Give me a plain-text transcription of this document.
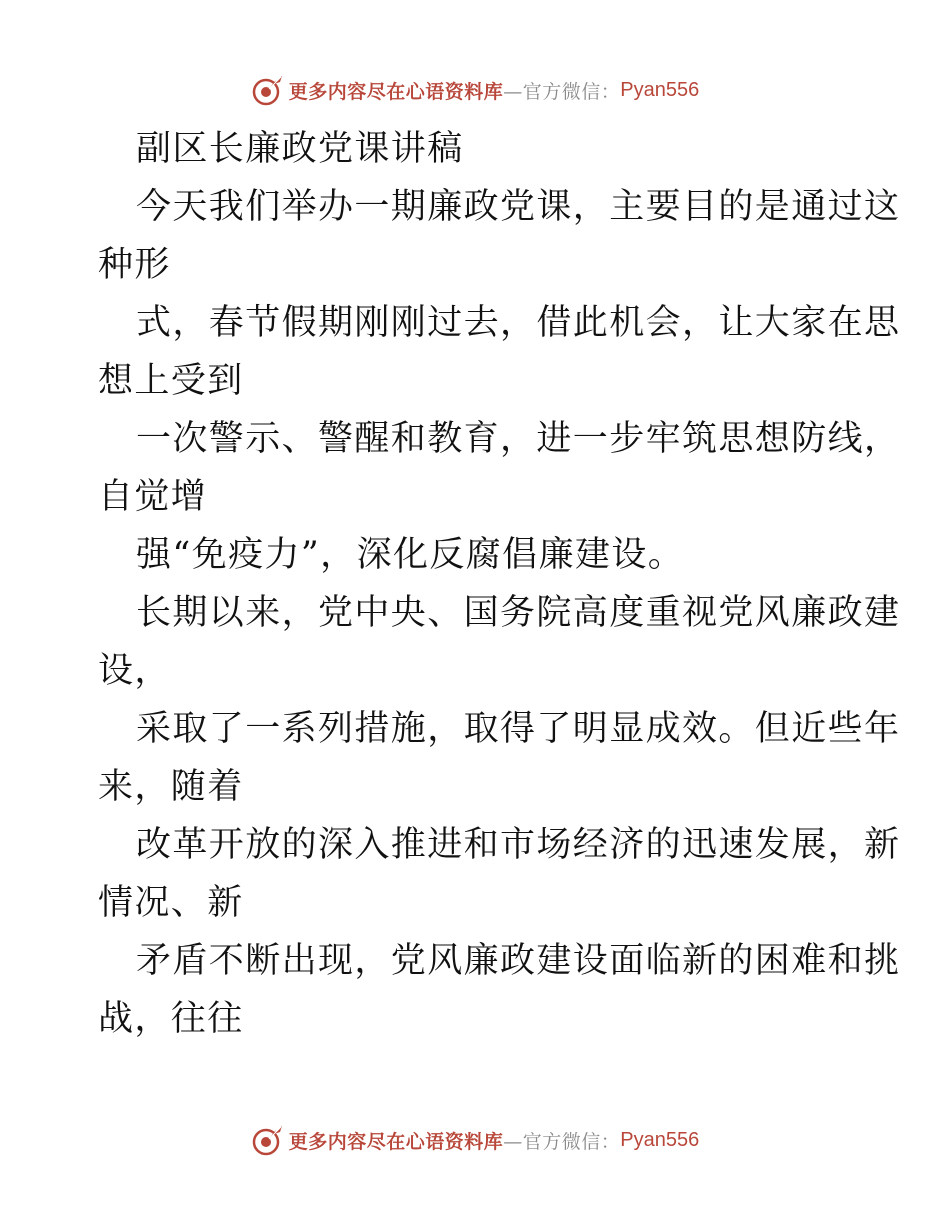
更多内容尽在心语资料库 —官方微信： Pyan556
副区长廉政党课讲稿
今天我们举办一期廉政党课，主要目的是通过这
种形
式，春节假期刚刚过去，借此机会，让大家在思
想上受到
一次警示、警醒和教育，进一步牢筑思想防线，
自觉增
强“免疫力”，深化反腐倡廉建设。
长期以来，党中央、国务院高度重视党风廉政建
设，
采取了一系列措施，取得了明显成效。但近些年
来，随着
改革开放的深入推进和市场经济的迅速发展，新
情况、新
矛盾不断出现，党风廉政建设面临新的困难和挑
战，往往
更多内容尽在心语资料库 —官方微信： Pyan556
